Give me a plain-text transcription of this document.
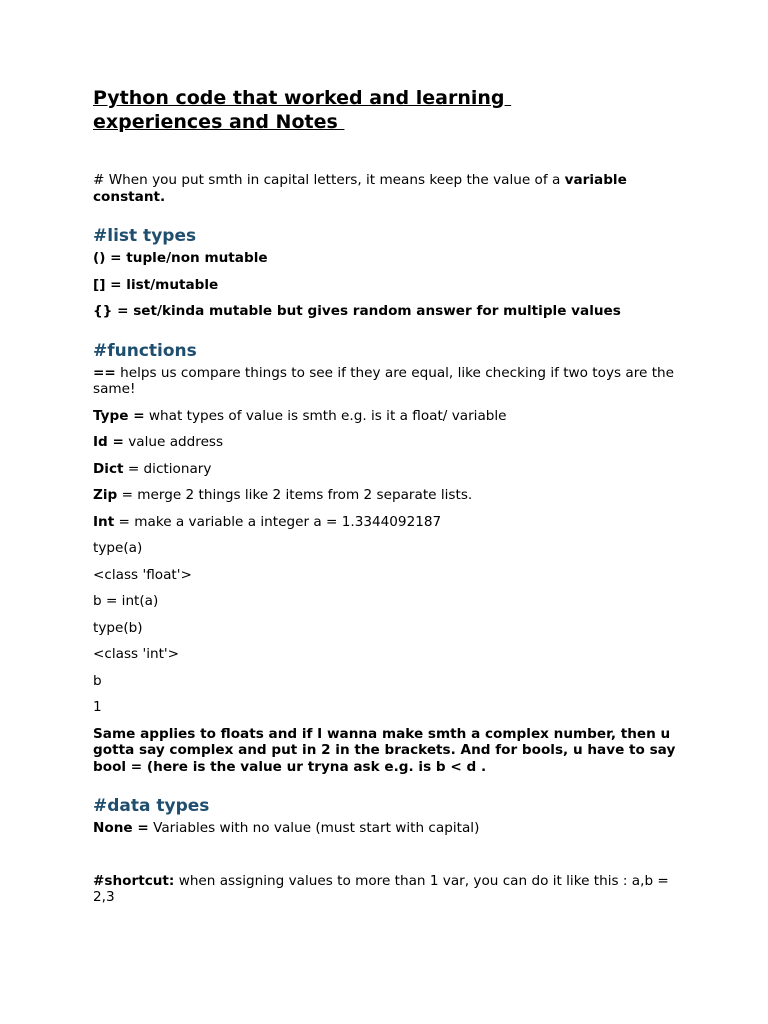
Python code that worked and learning
experiences and Notes

# When you put smth in capital letters, it means keep the value of a variable constant.

#list types

() = tuple/non mutable

[] = list/mutable

{} = set/kinda mutable but gives random answer for multiple values

#functions

== helps us compare things to see if they are equal, like checking if two toys are the same!

Type = what types of value is smth e.g. is it a float/ variable

Id = value address

Dict = dictionary

Zip = merge 2 things like 2 items from 2 separate lists.

Int = make a variable a integer a = 1.3344092187

type(a)

<class 'float'>

b = int(a)

type(b)

<class 'int'>

b

1

Same applies to floats and if I wanna make smth a complex number, then u gotta say complex and put in 2 in the brackets. And for bools, u have to say bool = (here is the value ur tryna ask e.g. is b < d .

#data types

None = Variables with no value (must start with capital)

#shortcut: when assigning values to more than 1 var, you can do it like this : a,b = 2,3
